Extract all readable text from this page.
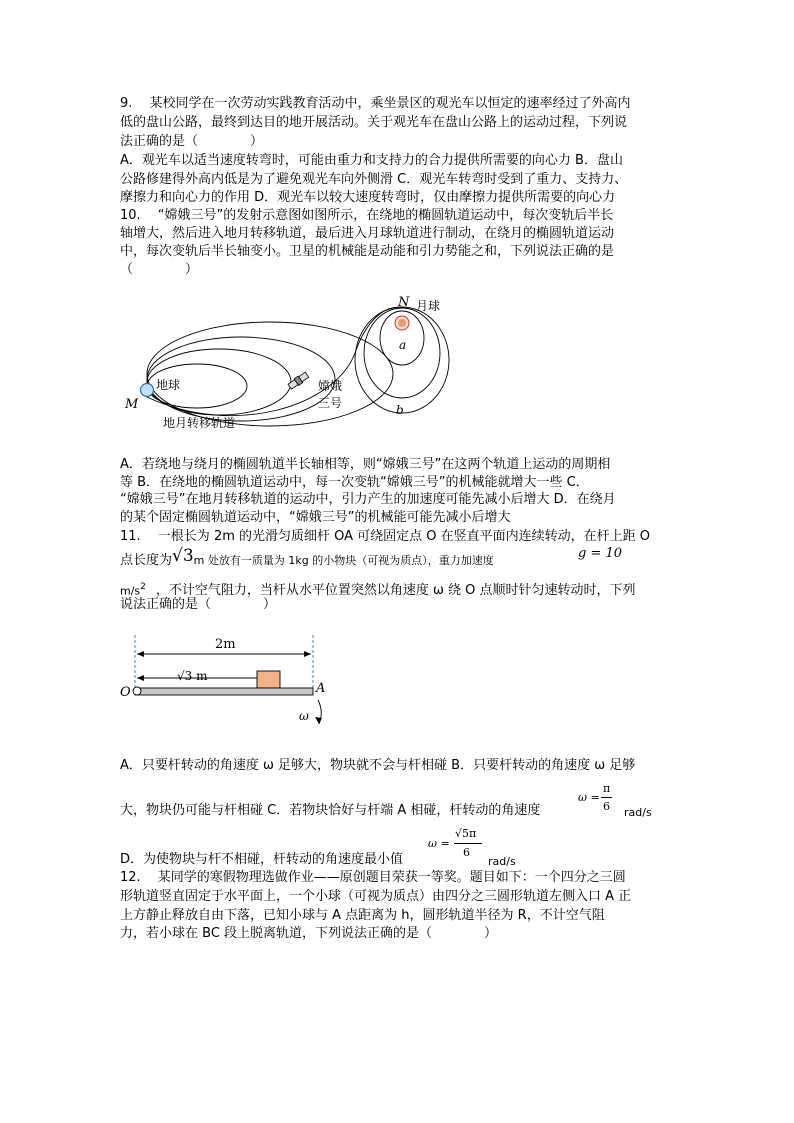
9.　 某校同学在一次劳动实践教育活动中，乘坐景区的观光车以恒定的速率经过了外高内
低的盘山公路，最终到达目的地开展活动。关于观光车在盘山公路上的运动过程，下列说
法正确的是（　　　　）
A．观光车以适当速度转弯时，可能由重力和支持力的合力提供所需要的向心力 B．盘山
公路修建得外高内低是为了避免观光车向外侧滑 C．观光车转弯时受到了重力、支持力、
摩擦力和向心力的作用 D．观光车以较大速度转弯时，仅由摩擦力提供所需要的向心力
10.　 “嫦娥三号”的发射示意图如图所示，在绕地的椭圆轨道运动中，每次变轨后半长
轴增大，然后进入地月转移轨道，最后进入月球轨道进行制动，在绕月的椭圆轨道运动
中，每次变轨后半长轴变小。卫星的机械能是动能和引力势能之和，下列说法正确的是
（　　　　）
M
地球
N 月球
a
b
嫦娥
三号
地月转移轨道
A．若绕地与绕月的椭圆轨道半长轴相等，则“嫦娥三号”在这两个轨道上运动的周期相
等 B．在绕地的椭圆轨道运动中，每一次变轨“嫦娥三号”的机械能就增大一些 C．
“嫦娥三号”在地月转移轨道的运动中，引力产生的加速度可能先减小后增大 D．在绕月
的某个固定椭圆轨道运动中，“嫦娥三号”的机械能可能先减小后增大
11.　 一根长为 2m 的光滑匀质细杆 OA 可绕固定点 O 在竖直平面内连续转动，在杆上距 O
点长度为√3m 处放有一质量为 1kg 的小物块（可视为质点），重力加速度	g = 10
$m/s^2$ ，不计空气阻力，当杆从水平位置突然以角速度 ω 绕 O 点顺时针匀速转动时，下列
说法正确的是（　　　　）
2m
√3 m
O	A
ω
A．只要杆转动的角速度 ω 足够大，物块就不会与杆相碰 B．只要杆转动的角速度 ω 足够
ω =
π
6
大，物块仍可能与杆相碰 C．若物块恰好与杆端 A 相碰，杆转动的角速度	rad/s
ω =
√5π
6
D．为使物块与杆不相碰，杆转动的角速度最小值	rad/s
12.　 某同学的寒假物理选做作业——原创题目荣获一等奖。题目如下：一个四分之三圆
形轨道竖直固定于水平面上，一个小球（可视为质点）由四分之三圆形轨道左侧入口 A 正
上方静止释放自由下落，已知小球与 A 点距离为 h，圆形轨道半径为 R，不计空气阻
力，若小球在 BC 段上脱离轨道，下列说法正确的是（　　　　）
